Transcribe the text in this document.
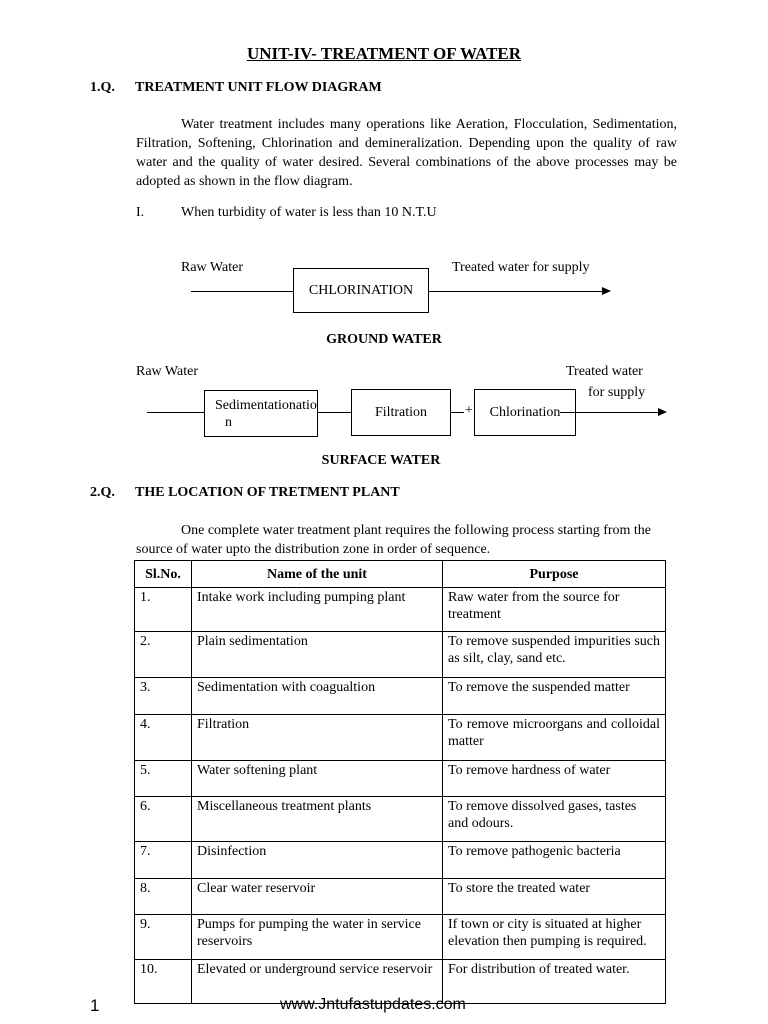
UNIT-IV- TREATMENT OF WATER
1.Q. TREATMENT UNIT FLOW DIAGRAM
Water treatment includes many operations like Aeration, Flocculation, Sedimentation, Filtration, Softening, Chlorination and demineralization. Depending upon the quality of raw water and the quality of water desired. Several combinations of the above processes may be adopted as shown in the flow diagram.
I.	When turbidity of water is less than 10 N.T.U
Raw Water
CHLORINATION
Treated water for supply
GROUND WATER
Raw Water
Sedimentationatio
n
Filtration	+	Chlorination
Treated water
for supply
SURFACE WATER
2.Q. THE LOCATION OF TRETMENT PLANT
One complete water treatment plant requires the following process starting from the source of water upto the distribution zone in order of sequence.
Sl.No.	Name of the unit	Purpose
1.	Intake work including pumping plant	Raw water from the source for treatment
2.	Plain sedimentation	To remove suspended impurities such as silt, clay, sand etc.
3.	Sedimentation with coagualtion	To remove the suspended matter
4.	Filtration	To remove microorgans and colloidal matter
5.	Water softening plant	To remove hardness of water
6.	Miscellaneous treatment plants	To remove dissolved gases, tastes and odours.
7.	Disinfection	To remove pathogenic bacteria
8.	Clear water reservoir	To store the treated water
9.	Pumps for pumping the water in service reservoirs	If town or city is situated at higher elevation then pumping is required.
10.	Elevated or underground service reservoir	For distribution of treated water.
1	www.Jntufastupdates.com
